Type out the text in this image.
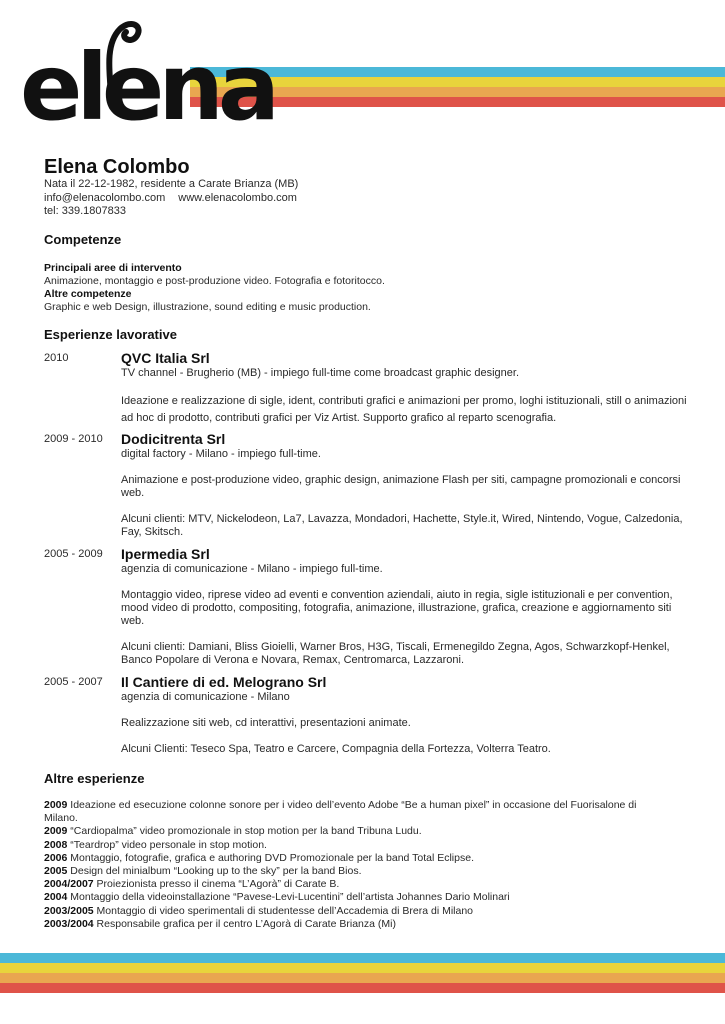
elena
Elena Colombo
Nata il 22-12-1982, residente a Carate Brianza (MB)
info@elenacolombo.com www.elenacolombo.com
tel: 339.1807833
Competenze
Principali aree di intervento
Animazione, montaggio e post-produzione video. Fotografia e fotoritocco.
Altre competenze
Graphic e web Design, illustrazione, sound editing e music production.
Esperienze lavorative
2010	QVC Italia Srl
TV channel - Brugherio (MB) - impiego full-time come broadcast graphic designer.
Ideazione e realizzazione di sigle, ident, contributi grafici e animazioni per promo, loghi istituzionali, still o animazioni ad hoc di prodotto, contributi grafici per Viz Artist. Supporto grafico al reparto scenografia.
2009 - 2010 Dodicitrenta Srl
digital factory - Milano - impiego full-time.
Animazione e post-produzione video, graphic design, animazione Flash per siti, campagne promozionali e concorsi web.
Alcuni clienti: MTV, Nickelodeon, La7, Lavazza, Mondadori, Hachette, Style.it, Wired, Nintendo, Vogue, Calzedonia, Fay, Skitsch.
2005 - 2009 Ipermedia Srl
agenzia di comunicazione - Milano - impiego full-time.
Montaggio video, riprese video ad eventi e convention aziendali, aiuto in regia, sigle istituzionali e per convention, mood video di prodotto, compositing, fotografia, animazione, illustrazione, grafica, creazione e aggiornamento siti web.
Alcuni clienti: Damiani, Bliss Gioielli, Warner Bros, H3G, Tiscali, Ermenegildo Zegna, Agos, Schwarzkopf-Henkel, Banco Popolare di Verona e Novara, Remax, Centromarca, Lazzaroni.
2005 - 2007 Il Cantiere di ed. Melograno Srl
agenzia di comunicazione - Milano
Realizzazione siti web, cd interattivi, presentazioni animate.
Alcuni Clienti: Teseco Spa, Teatro e Carcere, Compagnia della Fortezza, Volterra Teatro.
Altre esperienze
2009 Ideazione ed esecuzione colonne sonore per i video dell’evento Adobe “Be a human pixel” in occasione del Fuorisalone di Milano.
2009 “Cardiopalma” video promozionale in stop motion per la band Tribuna Ludu.
2008 “Teardrop” video personale in stop motion.
2006 Montaggio, fotografie, grafica e authoring DVD Promozionale per la band Total Eclipse.
2005 Design del minialbum “Looking up to the sky” per la band Bios.
2004/2007 Proiezionista presso il cinema “L’Agorà” di Carate B.
2004 Montaggio della videoinstallazione “Pavese-Levi-Lucentini” dell’artista Johannes Dario Molinari
2003/2005 Montaggio di video sperimentali di studentesse dell’Accademia di Brera di Milano
2003/2004 Responsabile grafica per il centro L’Agorà di Carate Brianza (Mi)
